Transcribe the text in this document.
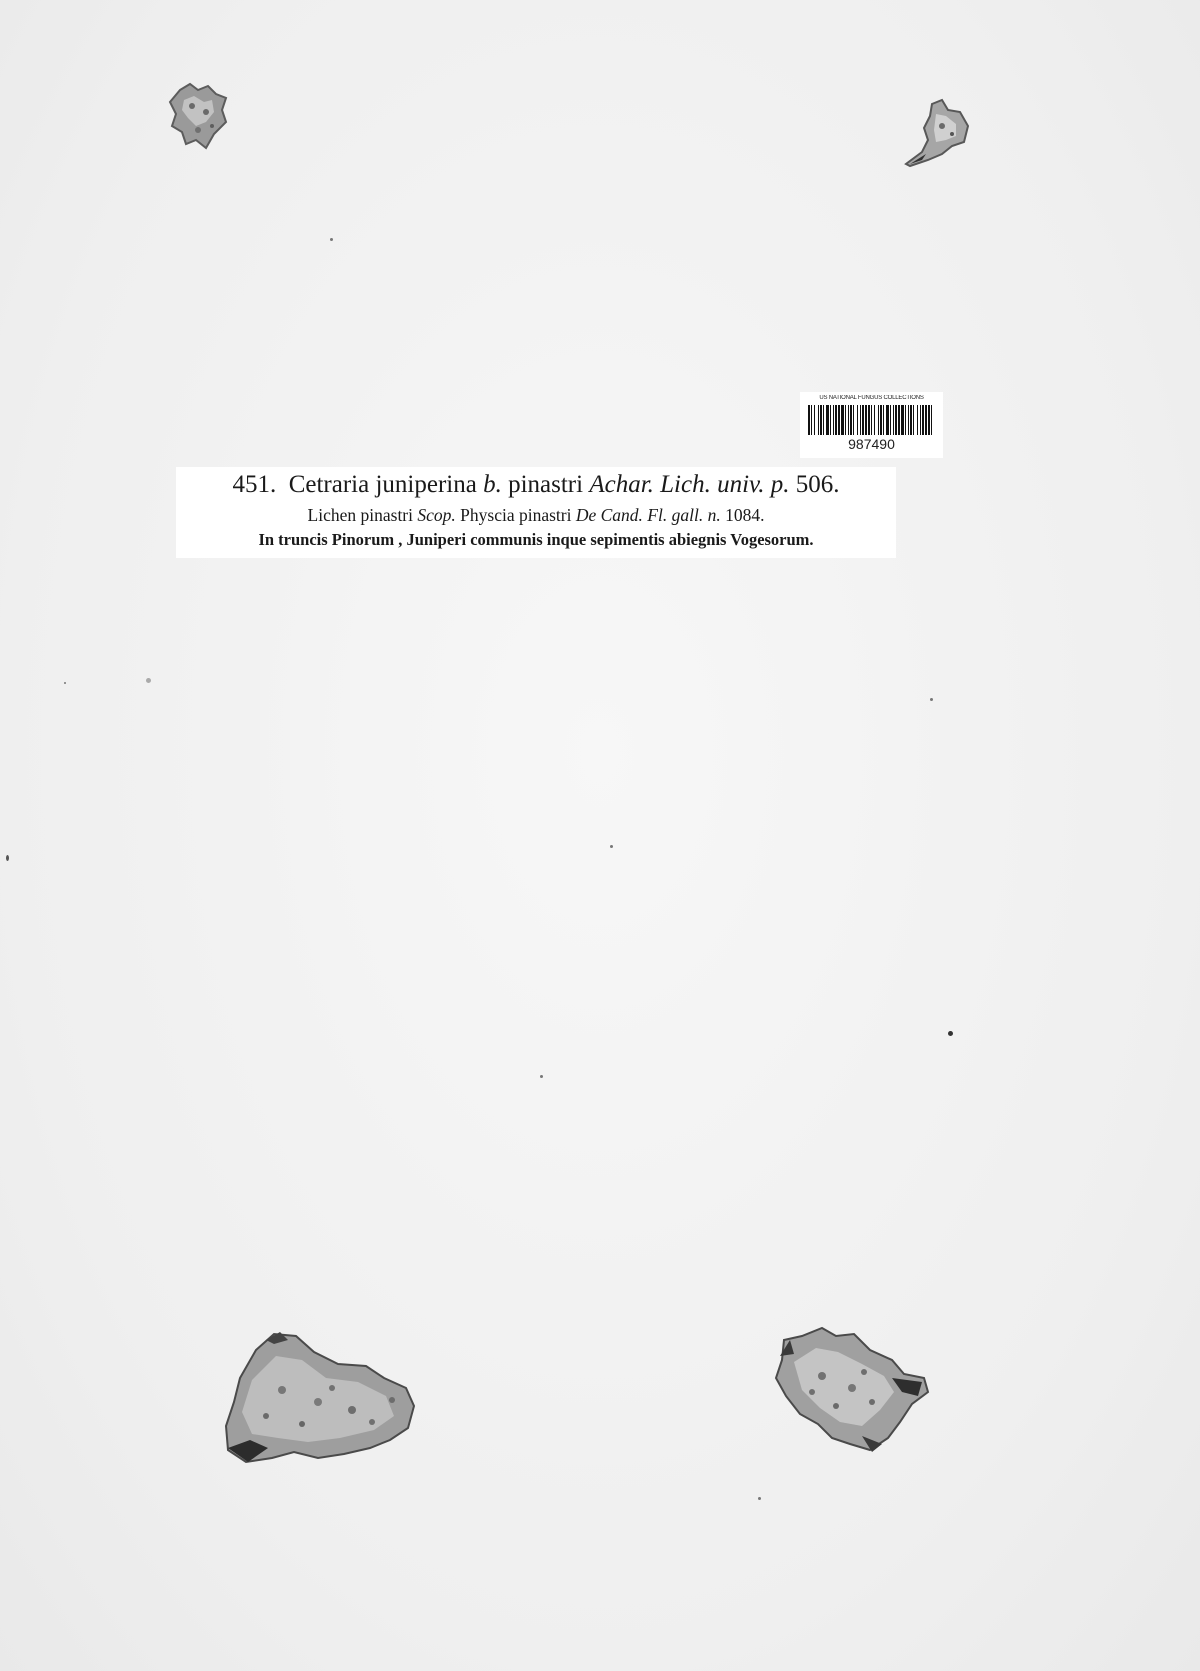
US NATIONAL FUNGUS COLLECTIONS
987490
451. Cetraria juniperina b. pinastri Achar. Lich. univ. p. 506.
Lichen pinastri Scop. Physcia pinastri De Cand. Fl. gall. n. 1084.
In truncis Pinorum , Juniperi communis inque sepimentis abiegnis Vogesorum.
